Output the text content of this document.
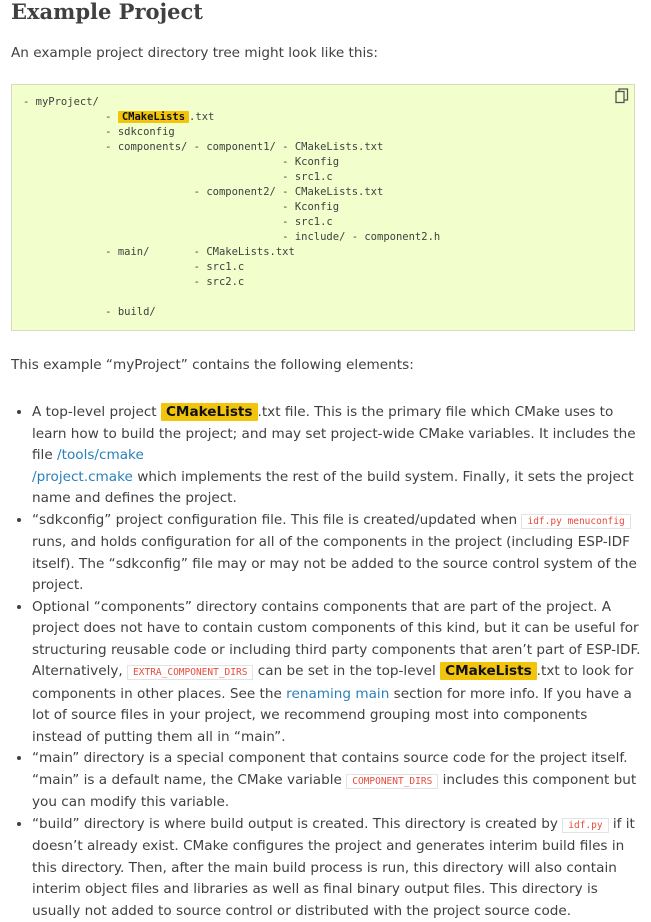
Example Project

An example project directory tree might look like this:

- myProject/
- CMakeLists .txt
- sdkconfig
- components/ - component1/ - CMakeLists.txt
- Kconfig
- src1.c
- component2/ - CMakeLists.txt
- Kconfig
- src1.c
- include/ - component2.h
- main/       - CMakeLists.txt
- src1.c
- src2.c

- build/

This example “myProject” contains the following elements:

• A top-level project CMakeLists .txt file. This is the primary file which CMake uses to learn how to build the project; and may set project-wide CMake variables. It includes the file /tools/cmake
/project.cmake which implements the rest of the build system. Finally, it sets the project name and defines the project.
• “sdkconfig” project configuration file. This file is created/updated when idf.py menuconfig runs, and holds configuration for all of the components in the project (including ESP-IDF itself). The “sdkconfig” file may or may not be added to the source control system of the project.
• Optional “components” directory contains components that are part of the project. A project does not have to contain custom components of this kind, but it can be useful for structuring reusable code or including third party components that aren’t part of ESP-IDF. Alternatively, EXTRA_COMPONENT_DIRS can be set in the top-level CMakeLists .txt to look for components in other places. See the renaming main section for more info. If you have a lot of source files in your project, we recommend grouping most into components instead of putting them all in “main”.
• “main” directory is a special component that contains source code for the project itself. “main” is a default name, the CMake variable COMPONENT_DIRS includes this component but you can modify this variable.
• “build” directory is where build output is created. This directory is created by idf.py if it doesn’t already exist. CMake configures the project and generates interim build files in this directory. Then, after the main build process is run, this directory will also contain interim object files and libraries as well as final binary output files. This directory is usually not added to source control or distributed with the project source code.
